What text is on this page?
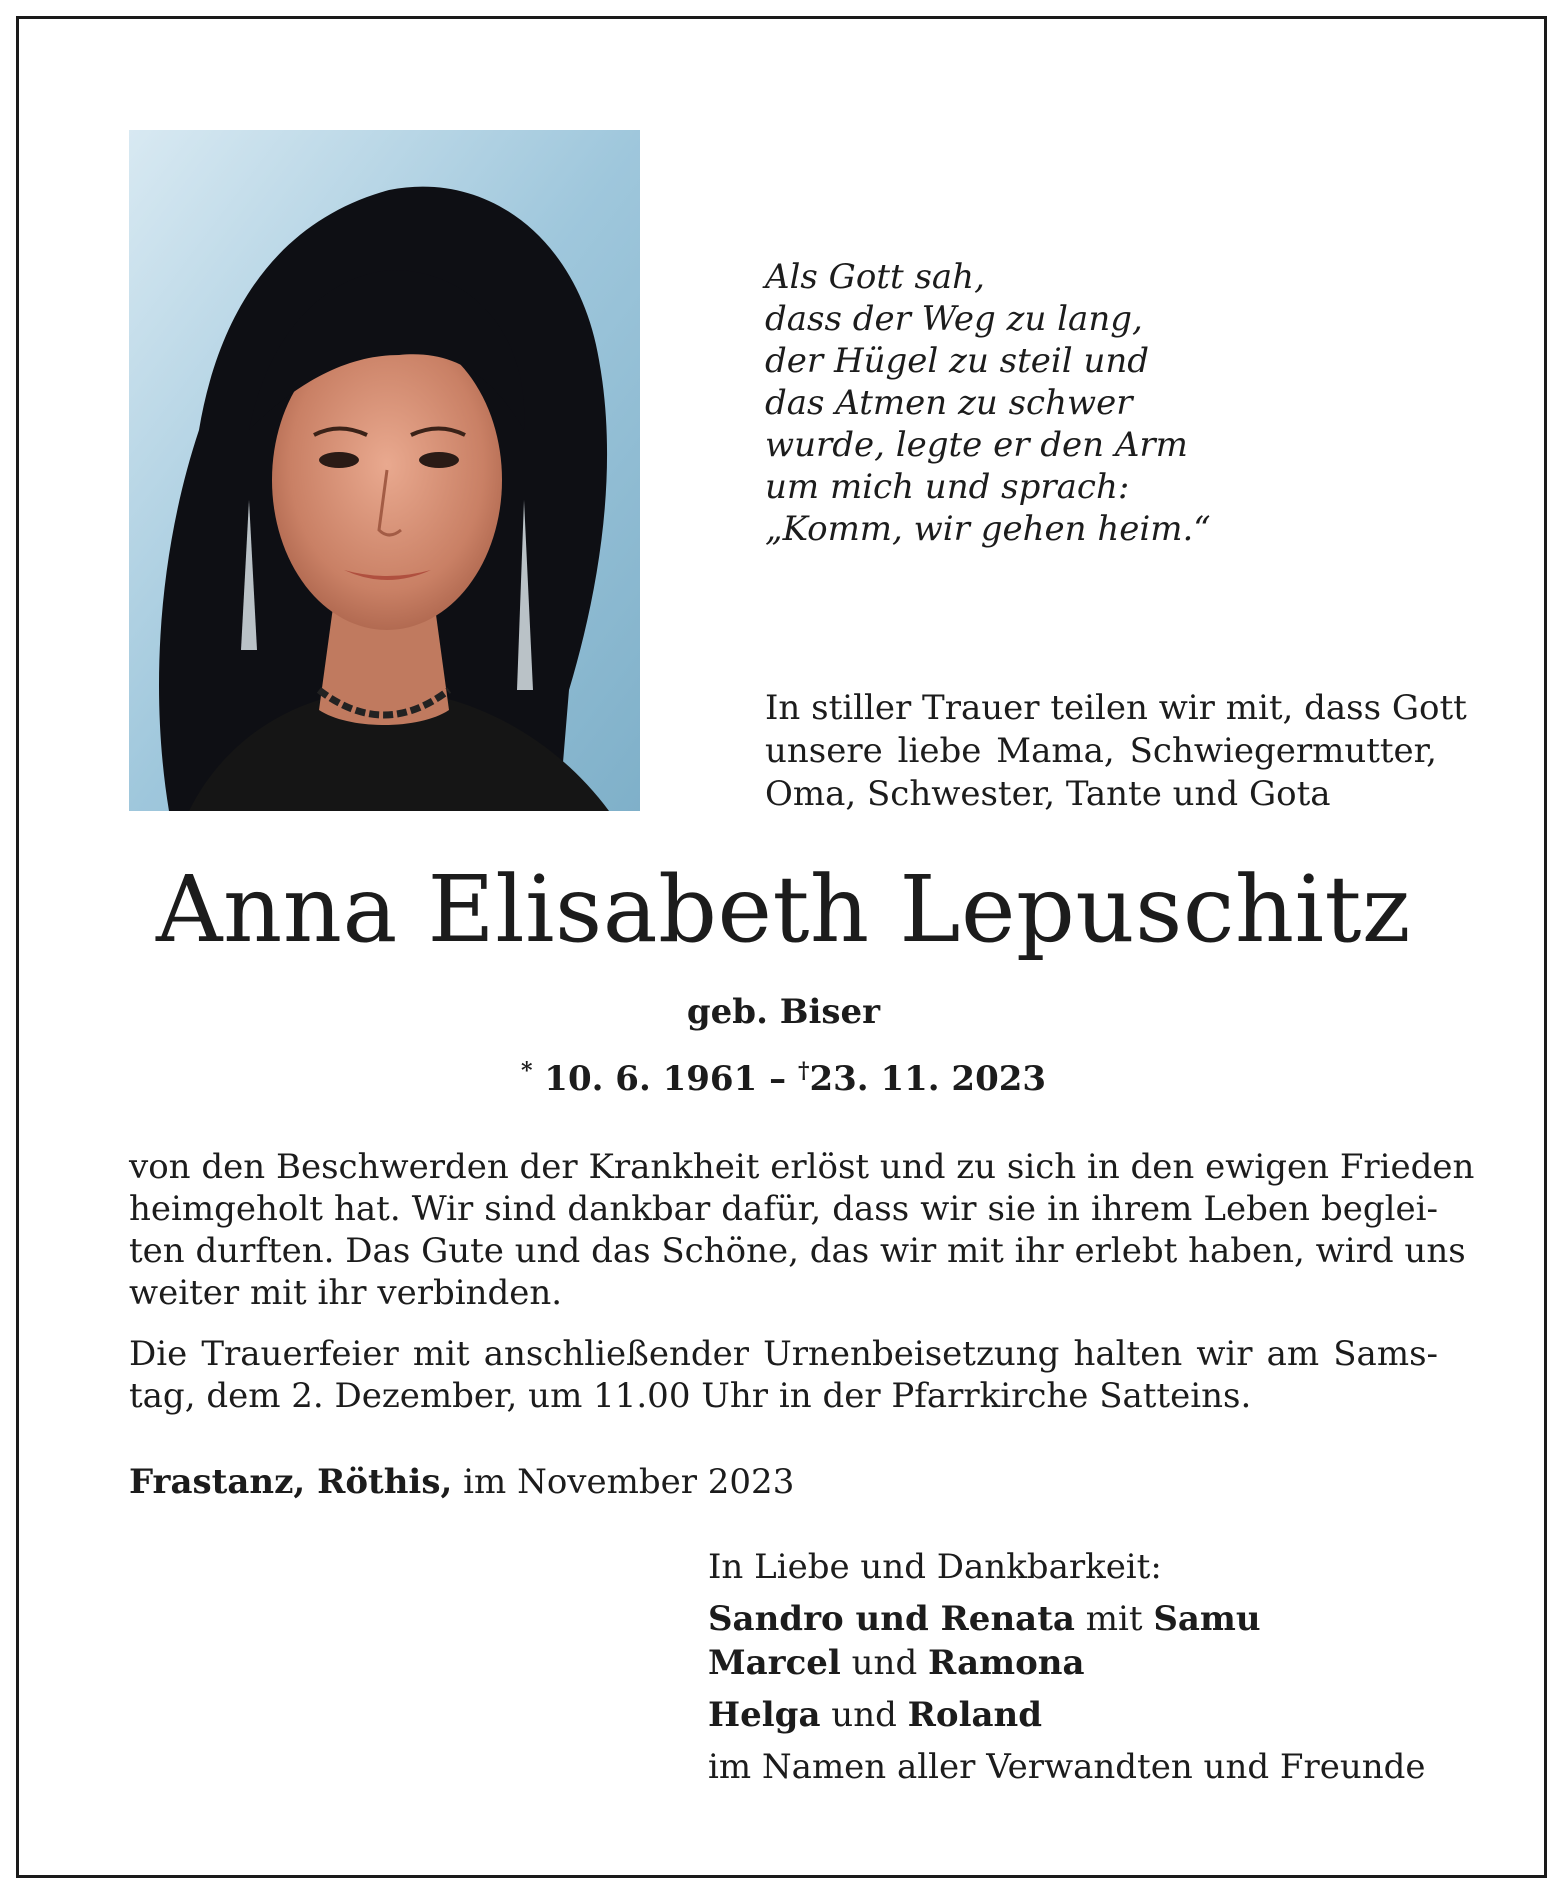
Als Gott sah,
dass der Weg zu lang,
der Hügel zu steil und
das Atmen zu schwer
wurde, legte er den Arm
um mich und sprach:
„Komm, wir gehen heim.“
In stiller Trauer teilen wir mit, dass Gott
unsere liebe Mama, Schwiegermutter,
Oma, Schwester, Tante und Gota
Anna Elisabeth Lepuschitz

geb. Biser

* 10. 6. 1961 – †23. 11. 2023

von den Beschwerden der Krankheit erlöst und zu sich in den ewigen Frieden
heimgeholt hat. Wir sind dankbar dafür, dass wir sie in ihrem Leben beglei-
ten durften. Das Gute und das Schöne, das wir mit ihr erlebt haben, wird uns
weiter mit ihr verbinden.
Die Trauerfeier mit anschließender Urnenbeisetzung halten wir am Sams-
tag, dem 2. Dezember, um 11.00 Uhr in der Pfarrkirche Satteins.

Frastanz, Röthis, im November 2023

In Liebe und Dankbarkeit:
Sandro und Renata mit Samu
Marcel und Ramona
Helga und Roland
im Namen aller Verwandten und Freunde
